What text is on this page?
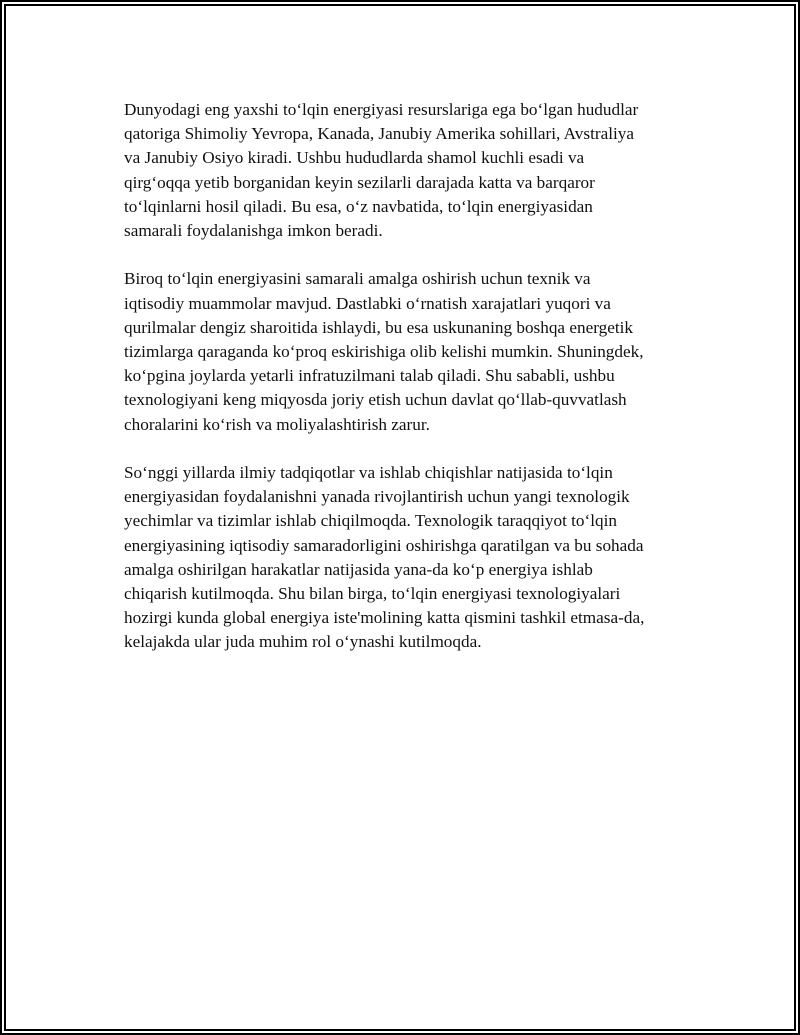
Dunyodagi eng yaxshi to‘lqin energiyasi resurslariga ega bo‘lgan hududlar
qatoriga Shimoliy Yevropa, Kanada, Janubiy Amerika sohillari, Avstraliya
va Janubiy Osiyo kiradi. Ushbu hududlarda shamol kuchli esadi va
qirg‘oqqa yetib borganidan keyin sezilarli darajada katta va barqaror
to‘lqinlarni hosil qiladi. Bu esa, o‘z navbatida, to‘lqin energiyasidan
samarali foydalanishga imkon beradi.

Biroq to‘lqin energiyasini samarali amalga oshirish uchun texnik va
iqtisodiy muammolar mavjud. Dastlabki o‘rnatish xarajatlari yuqori va
qurilmalar dengiz sharoitida ishlaydi, bu esa uskunaning boshqa energetik
tizimlarga qaraganda ko‘proq eskirishiga olib kelishi mumkin. Shuningdek,
ko‘pgina joylarda yetarli infratuzilmani talab qiladi. Shu sababli, ushbu
texnologiyani keng miqyosda joriy etish uchun davlat qo‘llab-quvvatlash
choralarini ko‘rish va moliyalashtirish zarur.

So‘nggi yillarda ilmiy tadqiqotlar va ishlab chiqishlar natijasida to‘lqin
energiyasidan foydalanishni yanada rivojlantirish uchun yangi texnologik
yechimlar va tizimlar ishlab chiqilmoqda. Texnologik taraqqiyot to‘lqin
energiyasining iqtisodiy samaradorligini oshirishga qaratilgan va bu sohada
amalga oshirilgan harakatlar natijasida yana-da ko‘p energiya ishlab
chiqarish kutilmoqda. Shu bilan birga, to‘lqin energiyasi texnologiyalari
hozirgi kunda global energiya iste'molining katta qismini tashkil etmasa-da,
kelajakda ular juda muhim rol o‘ynashi kutilmoqda.
